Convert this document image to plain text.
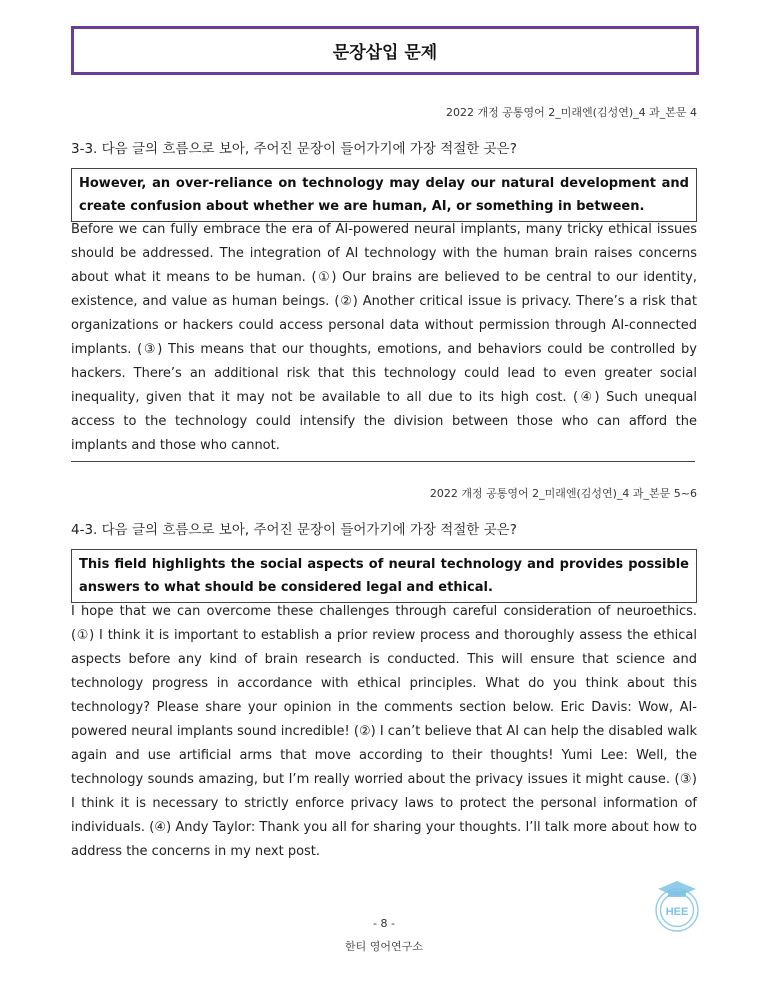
문장삽입 문제
2022 개정 공통영어 2_미래엔(김성연)_4 과_본문 4
3-3. 다음 글의 흐름으로 보아, 주어진 문장이 들어가기에 가장 적절한 곳은?
However, an over-reliance on technology may delay our natural development and create confusion about whether we are human, AI, or something in between.

Before we can fully embrace the era of AI-powered neural implants, many tricky ethical issues should be addressed. The integration of AI technology with the human brain raises concerns about what it means to be human. (①) Our brains are believed to be central to our identity, existence, and value as human beings. (②) Another critical issue is privacy. There’s a risk that organizations or hackers could access personal data without permission through AI-connected implants. (③) This means that our thoughts, emotions, and behaviors could be controlled by hackers. There’s an additional risk that this technology could lead to even greater social inequality, given that it may not be available to all due to its high cost. (④) Such unequal access to the technology could intensify the division between those who can afford the implants and those who cannot.

2022 개정 공통영어 2_미래엔(김성연)_4 과_본문 5~6
4-3. 다음 글의 흐름으로 보아, 주어진 문장이 들어가기에 가장 적절한 곳은?
This field highlights the social aspects of neural technology and provides possible answers to what should be considered legal and ethical.

I hope that we can overcome these challenges through careful consideration of neuroethics. (①) I think it is important to establish a prior review process and thoroughly assess the ethical aspects before any kind of brain research is conducted. This will ensure that science and technology progress in accordance with ethical principles. What do you think about this technology? Please share your opinion in the comments section below. Eric Davis: Wow, AI-powered neural implants sound incredible! (②) I can’t believe that AI can help the disabled walk again and use artificial arms that move according to their thoughts! Yumi Lee: Well, the technology sounds amazing, but I’m really worried about the privacy issues it might cause. (③) I think it is necessary to strictly enforce privacy laws to protect the personal information of individuals. (④) Andy Taylor: Thank you all for sharing your thoughts. I’ll talk more about how to address the concerns in my next post.

- 8 -
한티 영어연구소
HEE
